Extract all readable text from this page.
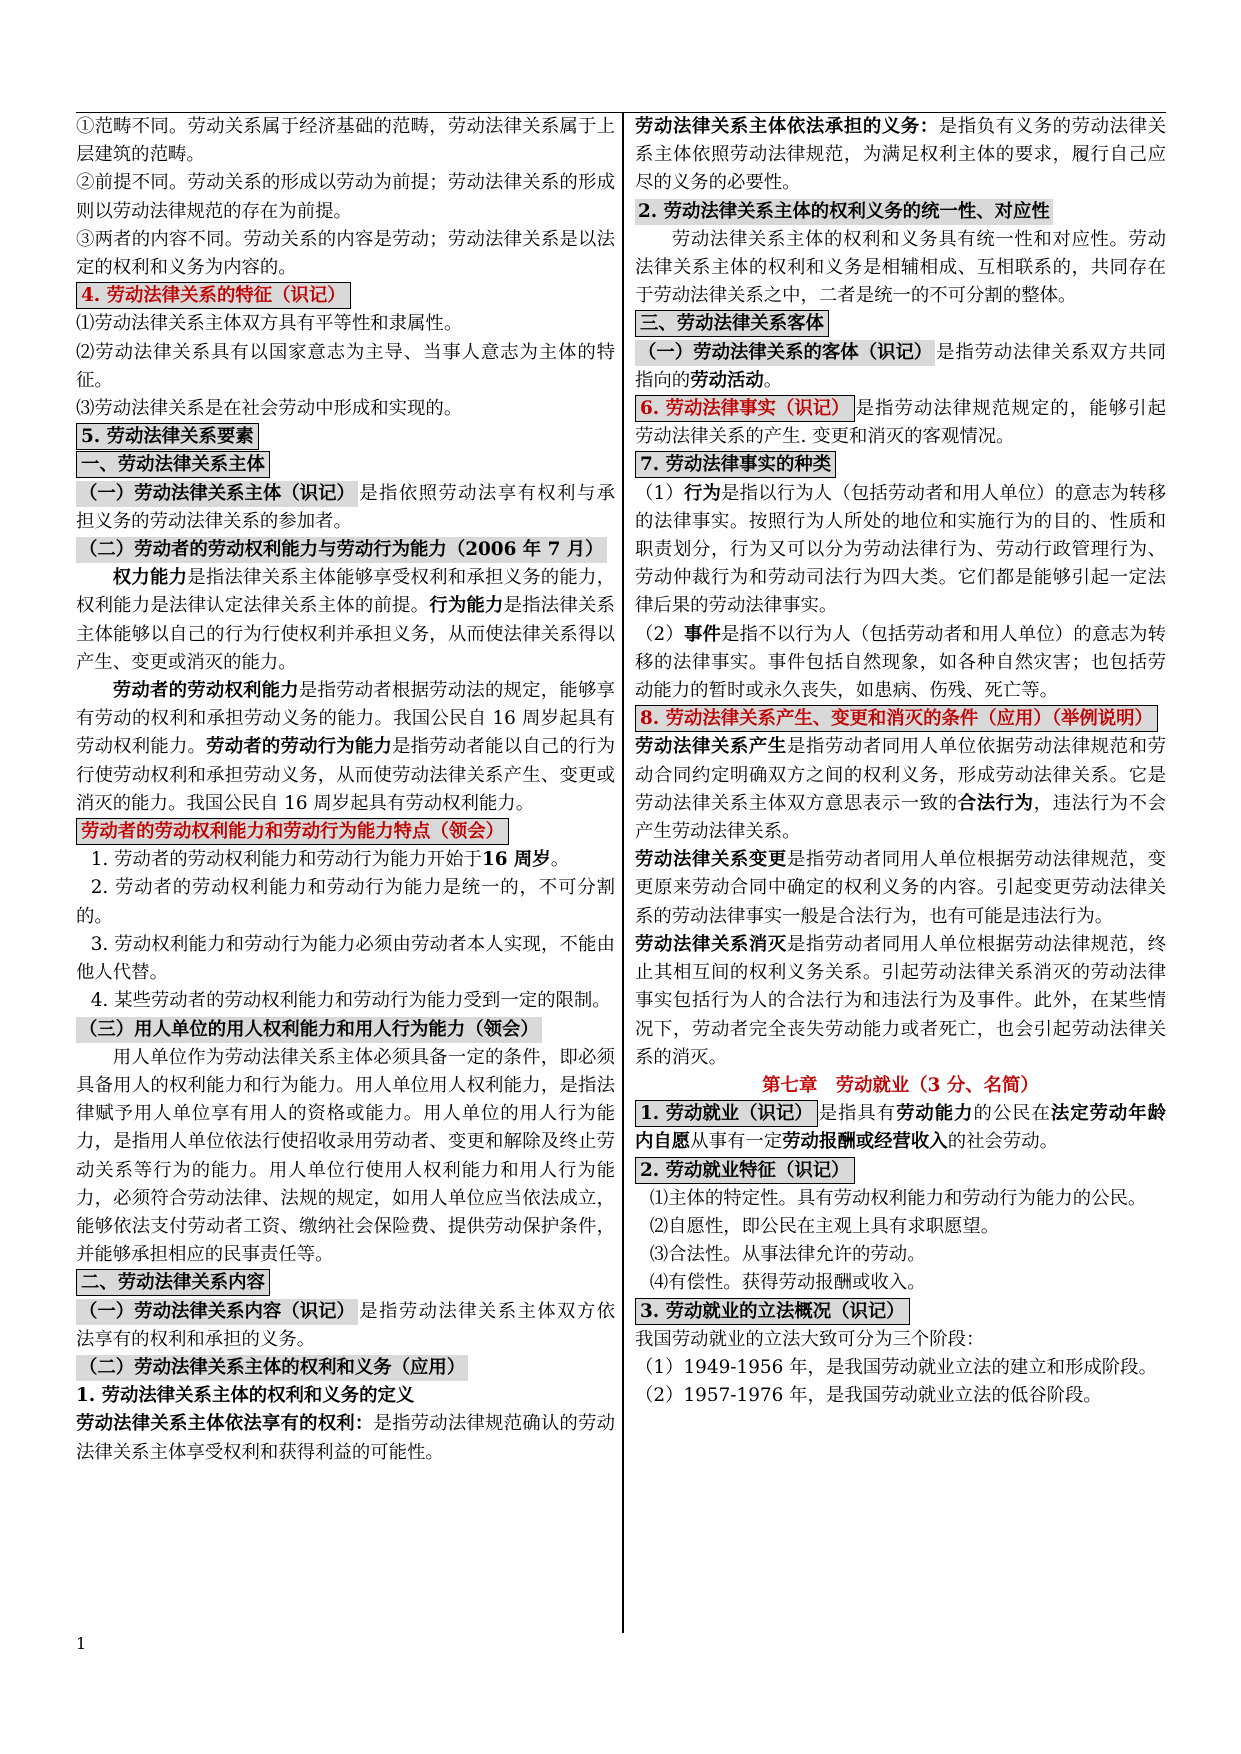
①范畴不同。劳动关系属于经济基础的范畴，劳动法律关系属于上层建筑的范畴。

②前提不同。劳动关系的形成以劳动为前提；劳动法律关系的形成则以劳动法律规范的存在为前提。

③两者的内容不同。劳动关系的内容是劳动；劳动法律关系是以法定的权利和义务为内容的。

4. 劳动法律关系的特征（识记）

⑴劳动法律关系主体双方具有平等性和隶属性。

⑵劳动法律关系具有以国家意志为主导、当事人意志为主体的特征。

⑶劳动法律关系是在社会劳动中形成和实现的。

5. 劳动法律关系要素

一、劳动法律关系主体

（一）劳动法律关系主体（识记） 是指依照劳动法享有权利与承担义务的劳动法律关系的参加者。

（二）劳动者的劳动权利能力与劳动行为能力（2006 年 7 月）

权力能力是指法律关系主体能够享受权利和承担义务的能力，权利能力是法律认定法律关系主体的前提。行为能力是指法律关系主体能够以自己的行为行使权利并承担义务，从而使法律关系得以产生、变更或消灭的能力。

劳动者的劳动权利能力是指劳动者根据劳动法的规定，能够享有劳动的权利和承担劳动义务的能力。我国公民自 16 周岁起具有劳动权利能力。劳动者的劳动行为能力是指劳动者能以自己的行为行使劳动权利和承担劳动义务，从而使劳动法律关系产生、变更或消灭的能力。我国公民自 16 周岁起具有劳动权利能力。

劳动者的劳动权利能力和劳动行为能力特点（领会）

1. 劳动者的劳动权利能力和劳动行为能力开始于16 周岁。

2. 劳动者的劳动权利能力和劳动行为能力是统一的，不可分割的。

3. 劳动权利能力和劳动行为能力必须由劳动者本人实现，不能由他人代替。

4. 某些劳动者的劳动权利能力和劳动行为能力受到一定的限制。

（三）用人单位的用人权利能力和用人行为能力（领会）

用人单位作为劳动法律关系主体必须具备一定的条件，即必须具备用人的权利能力和行为能力。用人单位用人权利能力，是指法律赋予用人单位享有用人的资格或能力。用人单位的用人行为能力，是指用人单位依法行使招收录用劳动者、变更和解除及终止劳动关系等行为的能力。用人单位行使用人权利能力和用人行为能力，必须符合劳动法律、法规的规定，如用人单位应当依法成立，能够依法支付劳动者工资、缴纳社会保险费、提供劳动保护条件，并能够承担相应的民事责任等。

二、劳动法律关系内容

（一）劳动法律关系内容（识记） 是指劳动法律关系主体双方依法享有的权利和承担的义务。

（二）劳动法律关系主体的权利和义务（应用）

1. 劳动法律关系主体的权利和义务的定义

劳动法律关系主体依法享有的权利：是指劳动法律规范确认的劳动法律关系主体享受权利和获得利益的可能性。

劳动法律关系主体依法承担的义务：是指负有义务的劳动法律关系主体依照劳动法律规范，为满足权利主体的要求，履行自己应尽的义务的必要性。

2. 劳动法律关系主体的权利义务的统一性、对应性

劳动法律关系主体的权利和义务具有统一性和对应性。劳动法律关系主体的权利和义务是相辅相成、互相联系的，共同存在于劳动法律关系之中，二者是统一的不可分割的整体。

三、劳动法律关系客体

（一）劳动法律关系的客体（识记） 是指劳动法律关系双方共同指向的劳动活动。

6. 劳动法律事实（识记） 是指劳动法律规范规定的，能够引起劳动法律关系的产生. 变更和消灭的客观情况。

7. 劳动法律事实的种类

（1）行为是指以行为人（包括劳动者和用人单位）的意志为转移的法律事实。按照行为人所处的地位和实施行为的目的、性质和职责划分，行为又可以分为劳动法律行为、劳动行政管理行为、劳动仲裁行为和劳动司法行为四大类。它们都是能够引起一定法律后果的劳动法律事实。

（2）事件是指不以行为人（包括劳动者和用人单位）的意志为转移的法律事实。事件包括自然现象，如各种自然灾害；也包括劳动能力的暂时或永久丧失，如患病、伤残、死亡等。

8. 劳动法律关系产生、变更和消灭的条件（应用）（举例说明）

劳动法律关系产生是指劳动者同用人单位依据劳动法律规范和劳动合同约定明确双方之间的权利义务，形成劳动法律关系。它是劳动法律关系主体双方意思表示一致的合法行为，违法行为不会产生劳动法律关系。

劳动法律关系变更是指劳动者同用人单位根据劳动法律规范，变更原来劳动合同中确定的权利义务的内容。引起变更劳动法律关系的劳动法律事实一般是合法行为，也有可能是违法行为。

劳动法律关系消灭是指劳动者同用人单位根据劳动法律规范，终止其相互间的权利义务关系。引起劳动法律关系消灭的劳动法律事实包括行为人的合法行为和违法行为及事件。此外，在某些情况下，劳动者完全丧失劳动能力或者死亡，也会引起劳动法律关系的消灭。

第七章　劳动就业（3 分、名简）

1. 劳动就业（识记） 是指具有劳动能力的公民在法定劳动年龄内自愿从事有一定劳动报酬或经营收入的社会劳动。

2. 劳动就业特征（识记）

⑴主体的特定性。具有劳动权利能力和劳动行为能力的公民。

⑵自愿性，即公民在主观上具有求职愿望。

⑶合法性。从事法律允许的劳动。

⑷有偿性。获得劳动报酬或收入。

3. 劳动就业的立法概况（识记）

我国劳动就业的立法大致可分为三个阶段：

（1）1949-1956 年，是我国劳动就业立法的建立和形成阶段。

（2）1957-1976 年，是我国劳动就业立法的低谷阶段。

1
